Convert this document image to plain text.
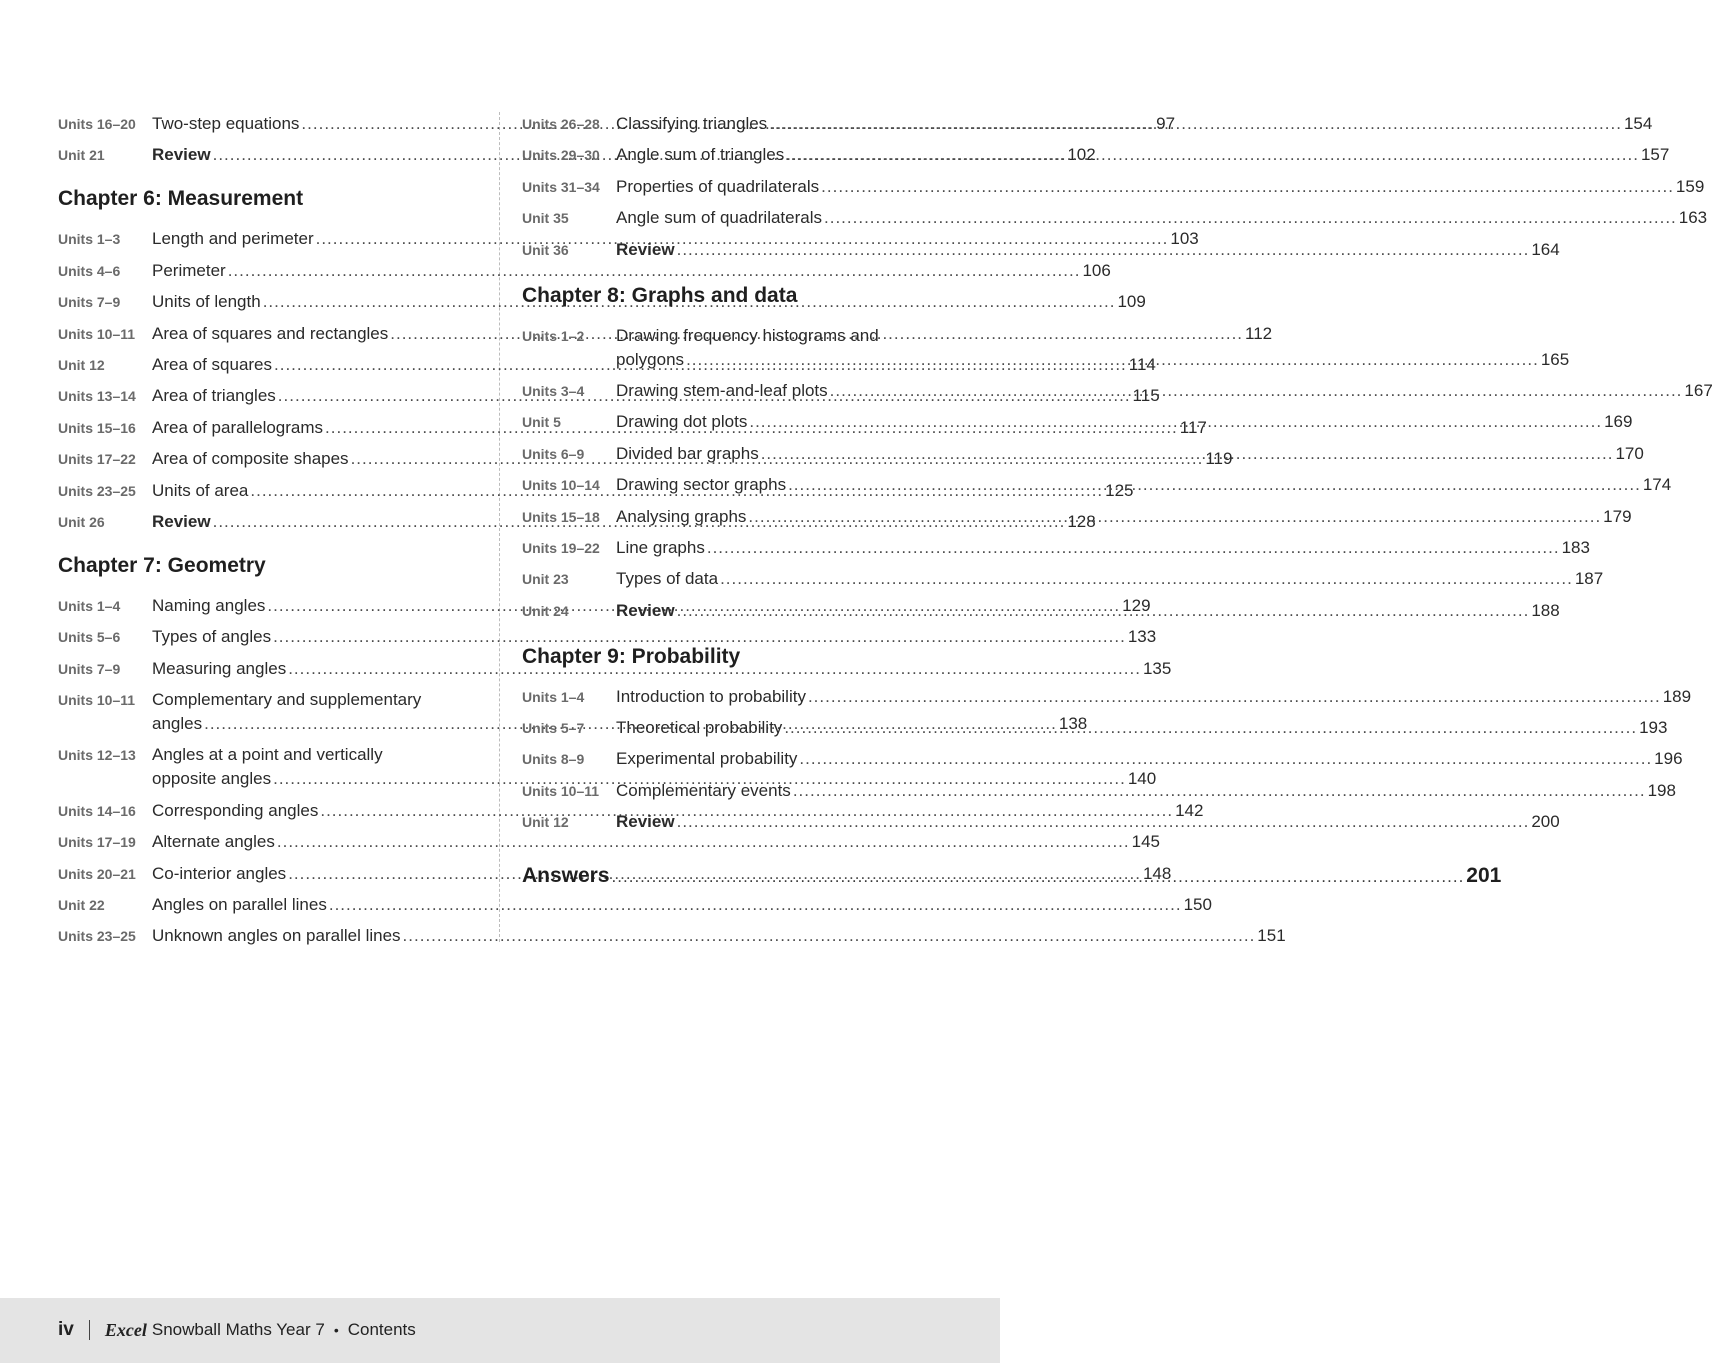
Units 16–20 Two-step equations .....	97
Unit 21	Review .....	102
Chapter 6: Measurement
Units 1–3	Length and perimeter .....	103
Units 4–6	Perimeter .....	106
Units 7–9	Units of length .....	109
Units 10–11 Area of squares and rectangles .....	112
Unit 12	Area of squares .....	114
Units 13–14 Area of triangles .....	115
Units 15–16 Area of parallelograms .....	117
Units 17–22 Area of composite shapes .....	119
Units 23–25 Units of area .....	125
Unit 26	Review .....	128
Chapter 7: Geometry
Units 1–4	Naming angles .....	129
Units 5–6	Types of angles .....	133
Units 7–9	Measuring angles .....	135
Units 10–11 Complementary and supplementary
angles .....	138
Units 12–13 Angles at a point and vertically
opposite angles .....	140
Units 14–16 Corresponding angles .....	142
Units 17–19 Alternate angles .....	145
Units 20–21 Co-interior angles .....	148
Unit 22	Angles on parallel lines .....	150
Units 23–25 Unknown angles on parallel lines .....	151
Units 26–28 Classifying triangles .....	154
Units 29–30 Angle sum of triangles .....	157
Units 31–34 Properties of quadrilaterals .....	159
Unit 35	Angle sum of quadrilaterals .....	163
Unit 36	Review .....	164
Chapter 8: Graphs and data
Units 1–2	Drawing frequency histograms and
polygons .....	165
Units 3–4	Drawing stem-and-leaf plots .....	167
Unit 5	Drawing dot plots .....	169
Units 6–9	Divided bar graphs .....	170
Units 10–14 Drawing sector graphs .....	174
Units 15–18 Analysing graphs .....	179
Units 19–22 Line graphs .....	183
Unit 23	Types of data .....	187
Unit 24	Review .....	188
Chapter 9: Probability
Units 1–4	Introduction to probability .....	189
Units 5–7	Theoretical probability .....	193
Units 8–9	Experimental probability .....	196
Units 10–11 Complementary events .....	198
Unit 12	Review .....	200
Answers .....	201
iv Excel Snowball Maths Year 7 • Contents
